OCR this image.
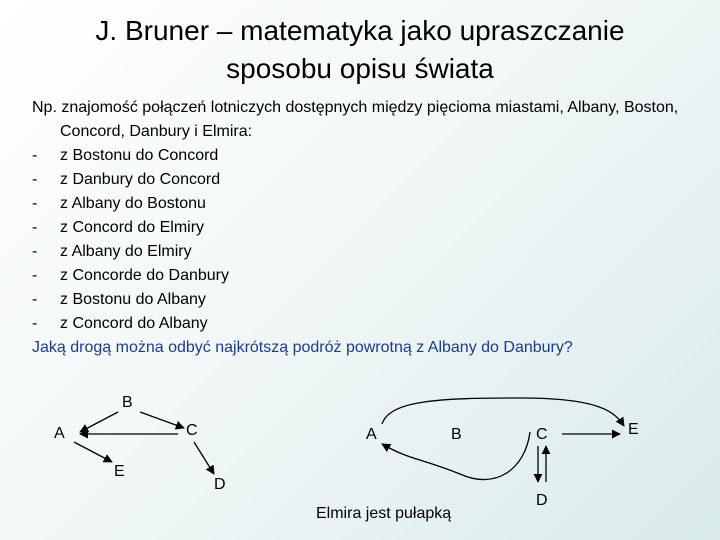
J. Bruner – matematyka jako upraszczanie
sposobu opisu świata
Np. znajomość połączeń lotniczych dostępnych między pięcioma miastami, Albany, Boston, Concord, Danbury i Elmira:
- z Bostonu do Concord
- z Danbury do Concord
- z Albany do Bostonu
- z Concord do Elmiry
- z Albany do Elmiry
- z Concorde do Danbury
- z Bostonu do Albany
- z Concord do Albany
Jaką drogą można odbyć najkrótszą podróż powrotną z Albany do Danbury?
B
A	C
E
D
A	B	C	E
D
Elmira jest pułapką
